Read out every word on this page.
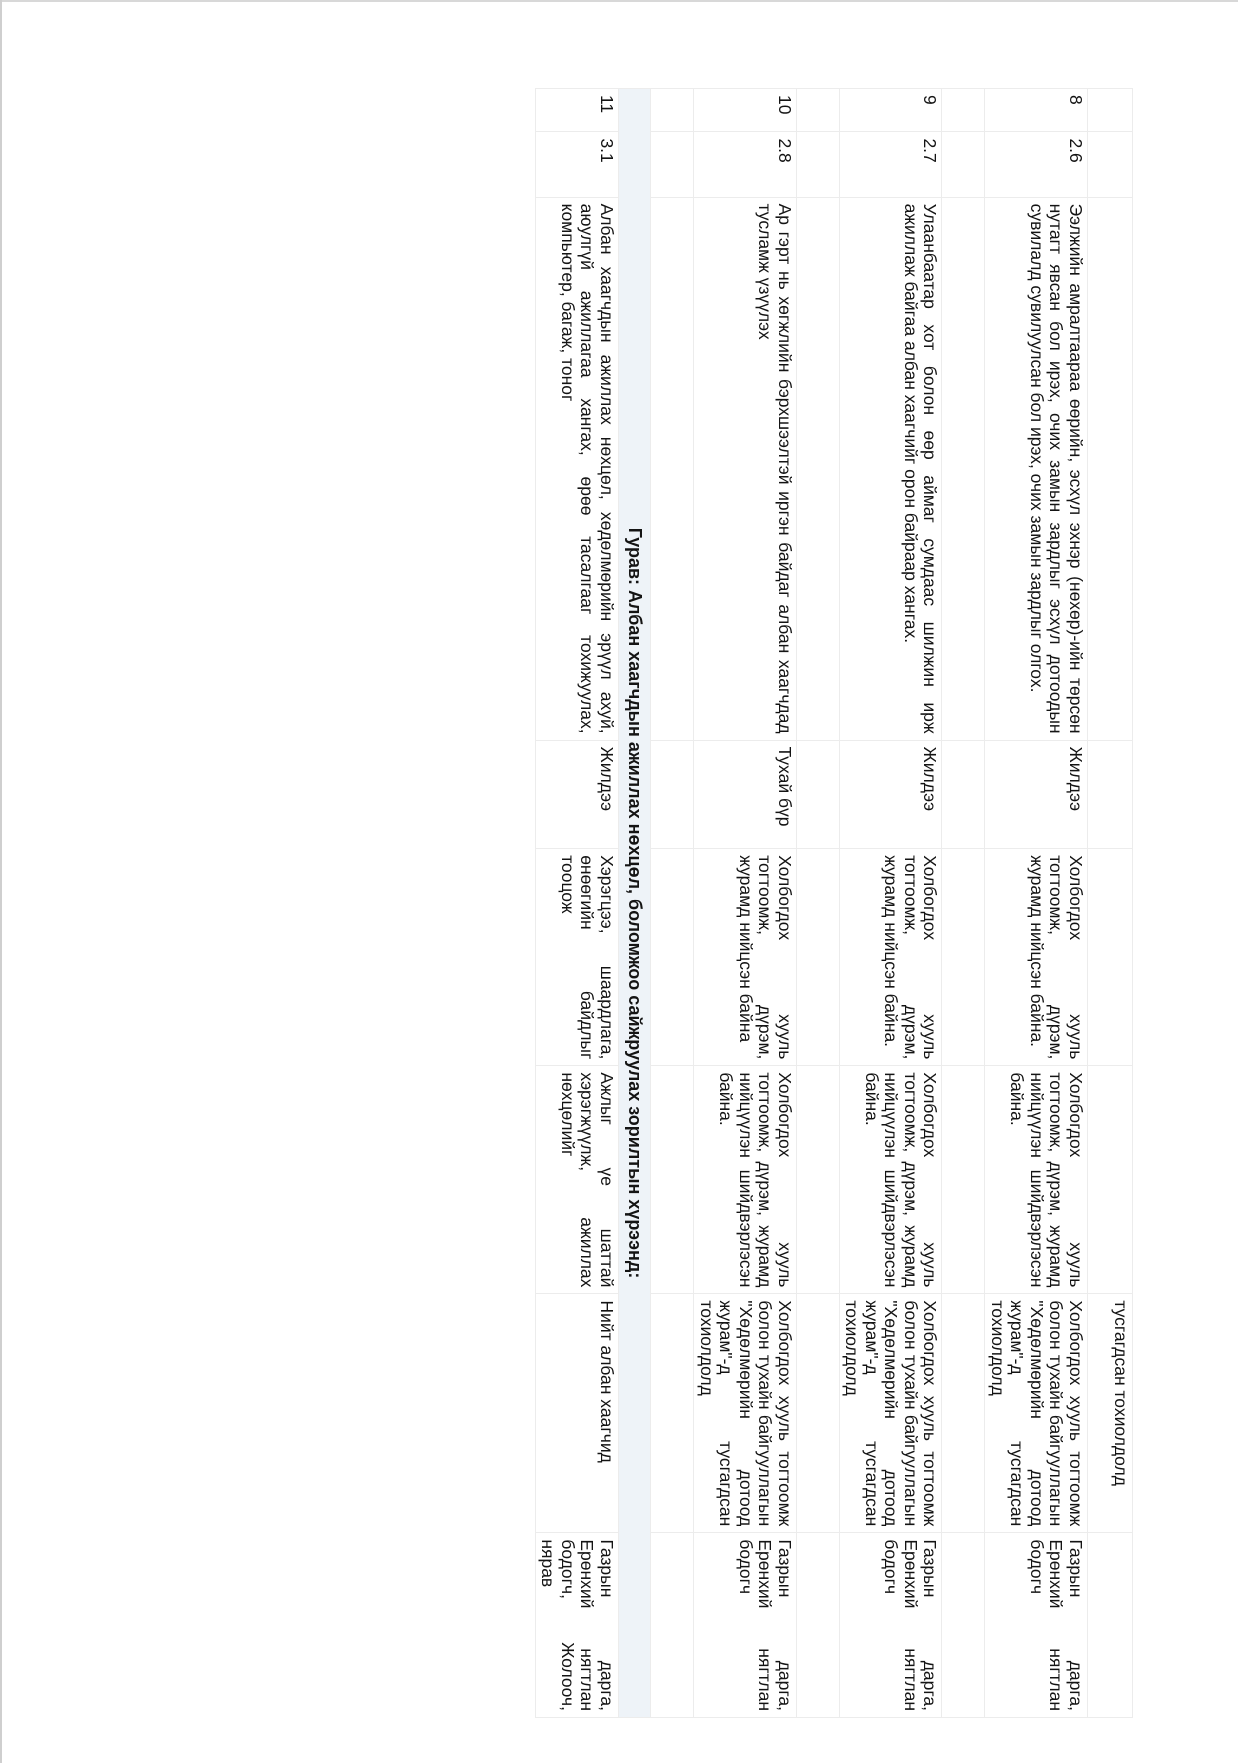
						тусгагдсан тохиолдолд	
8	2.6	Ээлжийн амралтаараа өөрийн, эсхүл эхнэр (нөхөр)-ийн төрсөн нутагт явсан бол ирэх, очих замын зардлыг эсхүл дотоодын сувилалд сувилуулсан бол ирэх, очих замын зардлыг олгох.	Жилдээ	Холбогдох хууль тогтоомж, дүрэм, журамд нийцсэн байна.	Холбогдох хууль тогтоомж, дүрэм, журамд нийцүүлэн шийдвэрлэсэн байна.	Холбогдох хууль тогтоомж болон тухайн байгууллагын "Хөдөлмөрийн дотоод журам"-д тусгагдсан тохиолдолд	Газрын дарга, Ерөнхий нягтлан бодогч

9	2.7	Улаанбаатар хот болон өөр аймаг сумдаас шилжин ирж ажиллаж байгаа албан хаагчийг орон байраар хангах.	Жилдээ	Холбогдох хууль тогтоомж, дүрэм, журамд нийцсэн байна.	Холбогдох хууль тогтоомж, дүрэм, журамд нийцүүлэн шийдвэрлэсэн байна.	Холбогдох хууль тогтоомж болон тухайн байгууллагын "Хөдөлмөрийн дотоод журам"-д тусгагдсан тохиолдолд	Газрын дарга, Ерөнхий нягтлан бодогч

10	2.8	Ар гэрт нь хөгжлийн бэрхшээлтэй иргэн байдаг албан хаагчдад тусламж үзүүлэх	Тухай бүр	Холбогдох хууль тогтоомж, дүрэм, журамд нийцсэн байна	Холбогдох хууль тогтоомж, дүрэм, журамд нийцүүлэн шийдвэрлэсэн байна.	Холбогдох хууль тогтоомж болон тухайн байгууллагын "Хөдөлмөрийн дотоод журам"-д тусгагдсан тохиолдолд	Газрын дарга, Ерөнхий нягтлан бодогч

Гурав: Албан хаагчдын ажиллах нөхцөл, боломжоо сайжруулах зорилтын хүрээнд:							
11	3.1	Албан хаагчдын ажиллах нөхцөл, хөдөлмөрийн эрүүл ахуй, аюулгүй ажиллагаа хангах, өрөө тасалгааг тохижуулах, компьютер, багаж, тоног	Жилдээ	Хэрэгцээ, шаардлага, өнөөгийн байдлыг тооцож	Ажлыг үе шаттай хэрэгжүүлж, ажиллах нөхцөлийг	Нийт албан хаагчид	Газрын дарга, Ерөнхий нягтлан бодогч, Жолооч, нярав
